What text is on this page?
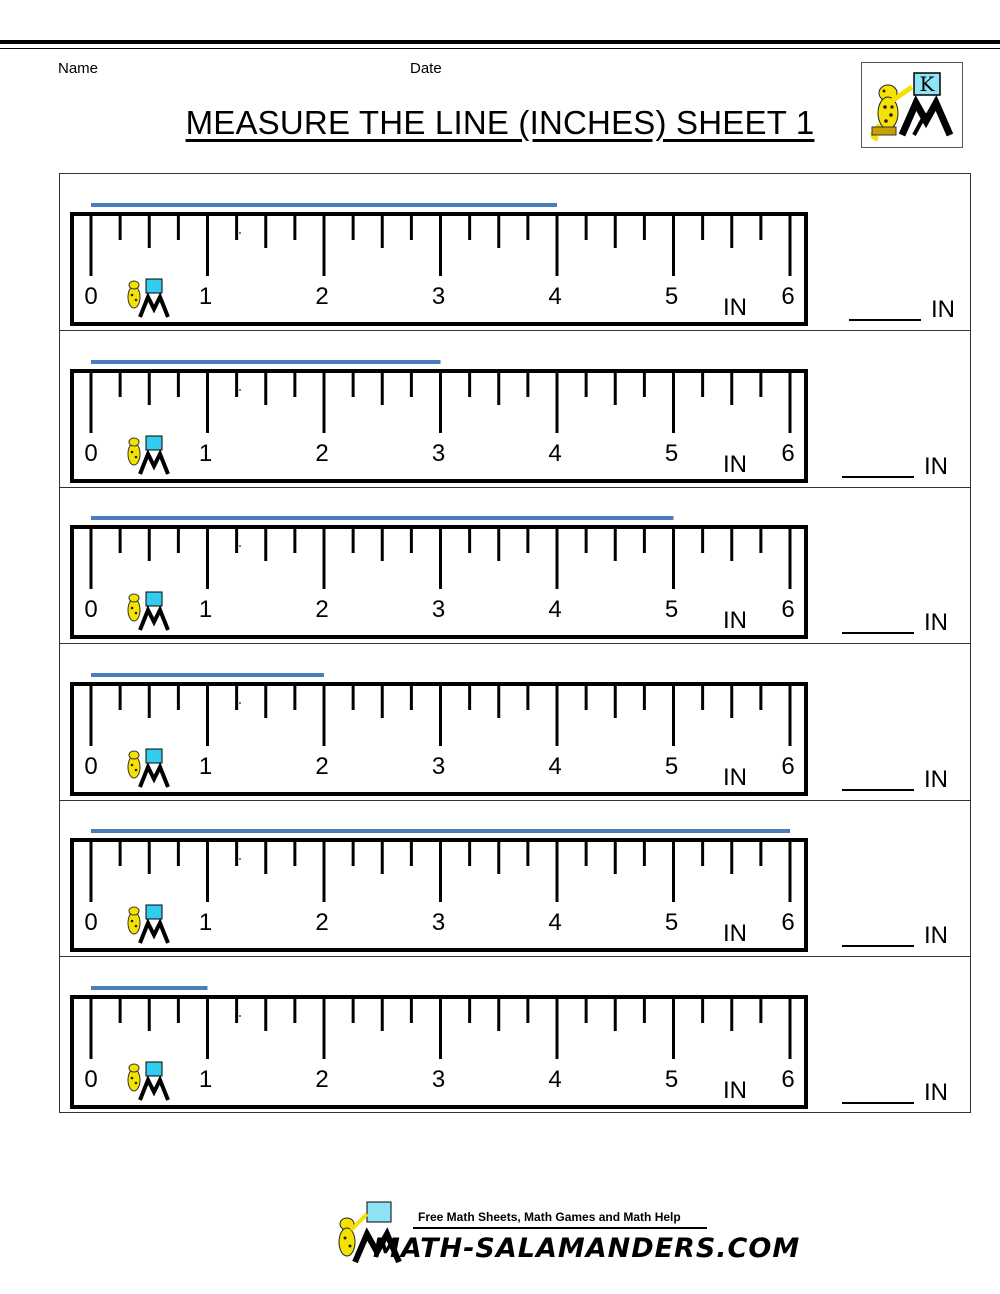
Name	Date
MEASURE THE LINE (INCHES) SHEET 1
K
0	1	2	3	4	5	6
IN	IN
0	1	2	3	4	5	6
IN	IN
0	1	2	3	4	5	6
IN	IN
0	1	2	3	4	5	6
IN	IN
0	1	2	3	4	5	6
IN	IN
0	1	2	3	4	5	6
IN	IN
Free Math Sheets, Math Games and Math Help
MATH-SALAMANDERS.COM
